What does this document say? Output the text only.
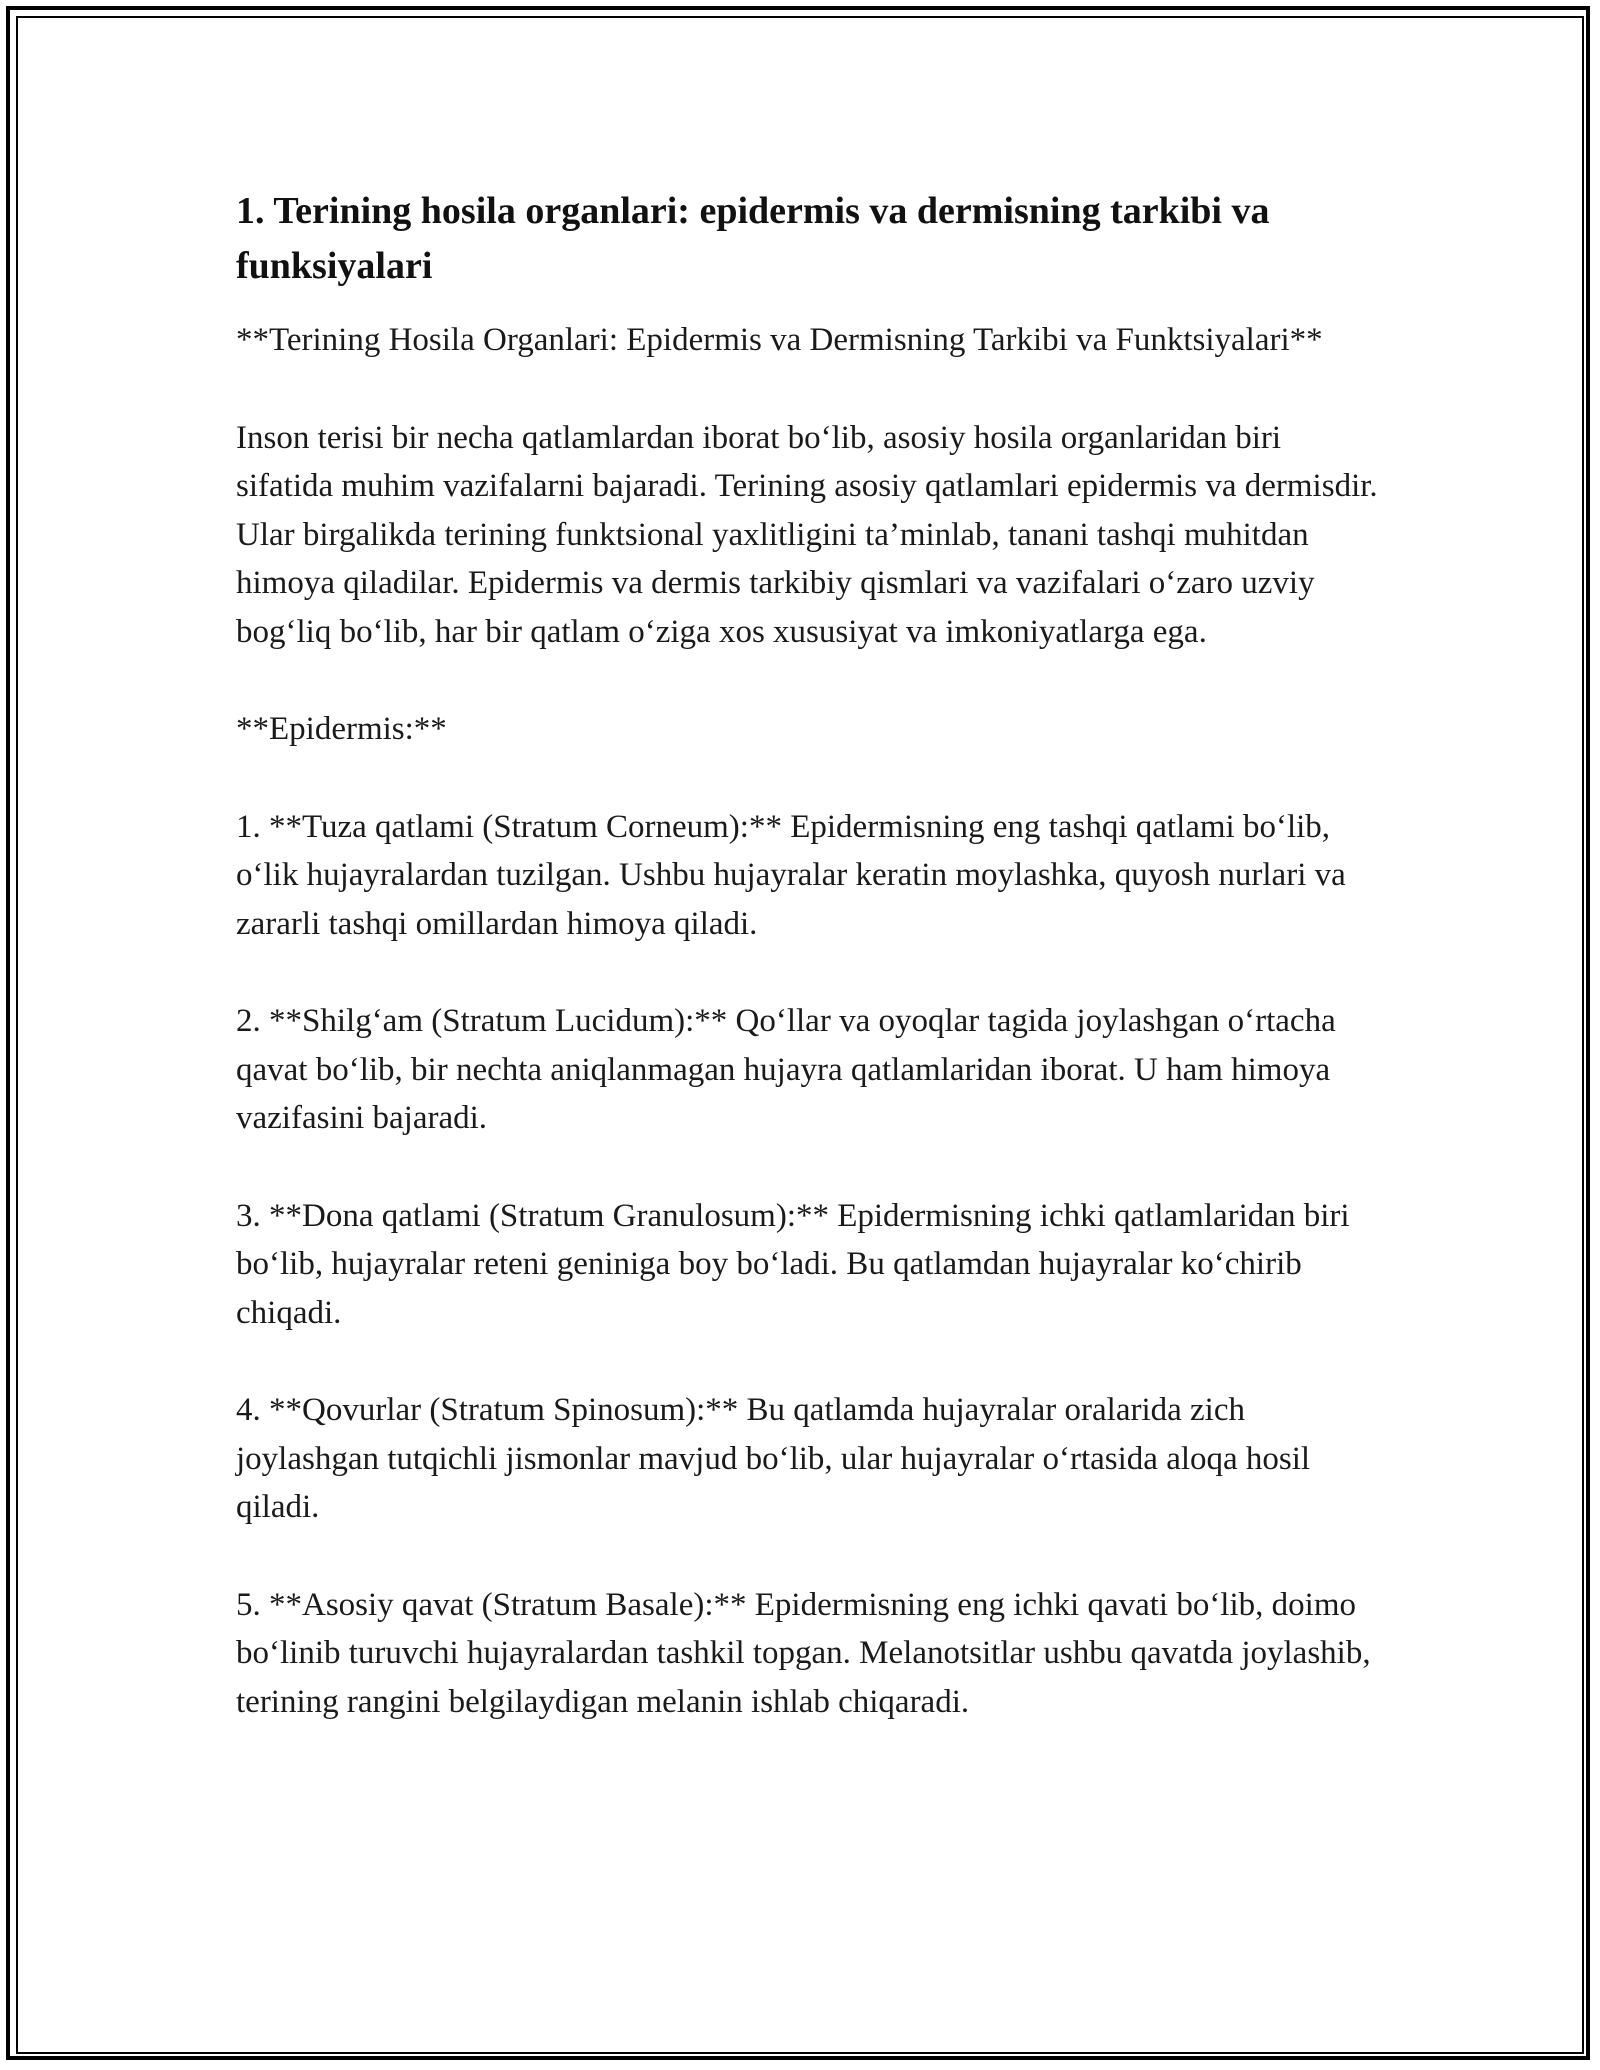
1. Terining hosila organlari: epidermis va dermisning tarkibi va funksiyalari

**Terining Hosila Organlari: Epidermis va Dermisning Tarkibi va Funktsiyalari**

Inson terisi bir necha qatlamlardan iborat bo‘lib, asosiy hosila organlaridan biri sifatida muhim vazifalarni bajaradi. Terining asosiy qatlamlari epidermis va dermisdir. Ular birgalikda terining funktsional yaxlitligini ta’minlab, tanani tashqi muhitdan himoya qiladilar. Epidermis va dermis tarkibiy qismlari va vazifalari o‘zaro uzviy bog‘liq bo‘lib, har bir qatlam o‘ziga xos xususiyat va imkoniyatlarga ega.

**Epidermis:**

1. **Tuza qatlami (Stratum Corneum):** Epidermisning eng tashqi qatlami bo‘lib, o‘lik hujayralardan tuzilgan. Ushbu hujayralar keratin moylashka, quyosh nurlari va zararli tashqi omillardan himoya qiladi.

2. **Shilg‘am (Stratum Lucidum):** Qo‘llar va oyoqlar tagida joylashgan o‘rtacha qavat bo‘lib, bir nechta aniqlanmagan hujayra qatlamlaridan iborat. U ham himoya vazifasini bajaradi.

3. **Dona qatlami (Stratum Granulosum):** Epidermisning ichki qatlamlaridan biri bo‘lib, hujayralar reteni geniniga boy bo‘ladi. Bu qatlamdan hujayralar ko‘chirib chiqadi.

4. **Qovurlar (Stratum Spinosum):** Bu qatlamda hujayralar oralarida zich joylashgan tutqichli jismonlar mavjud bo‘lib, ular hujayralar o‘rtasida aloqa hosil qiladi.

5. **Asosiy qavat (Stratum Basale):** Epidermisning eng ichki qavati bo‘lib, doimo bo‘linib turuvchi hujayralardan tashkil topgan. Melanotsitlar ushbu qavatda joylashib, terining rangini belgilaydigan melanin ishlab chiqaradi.
